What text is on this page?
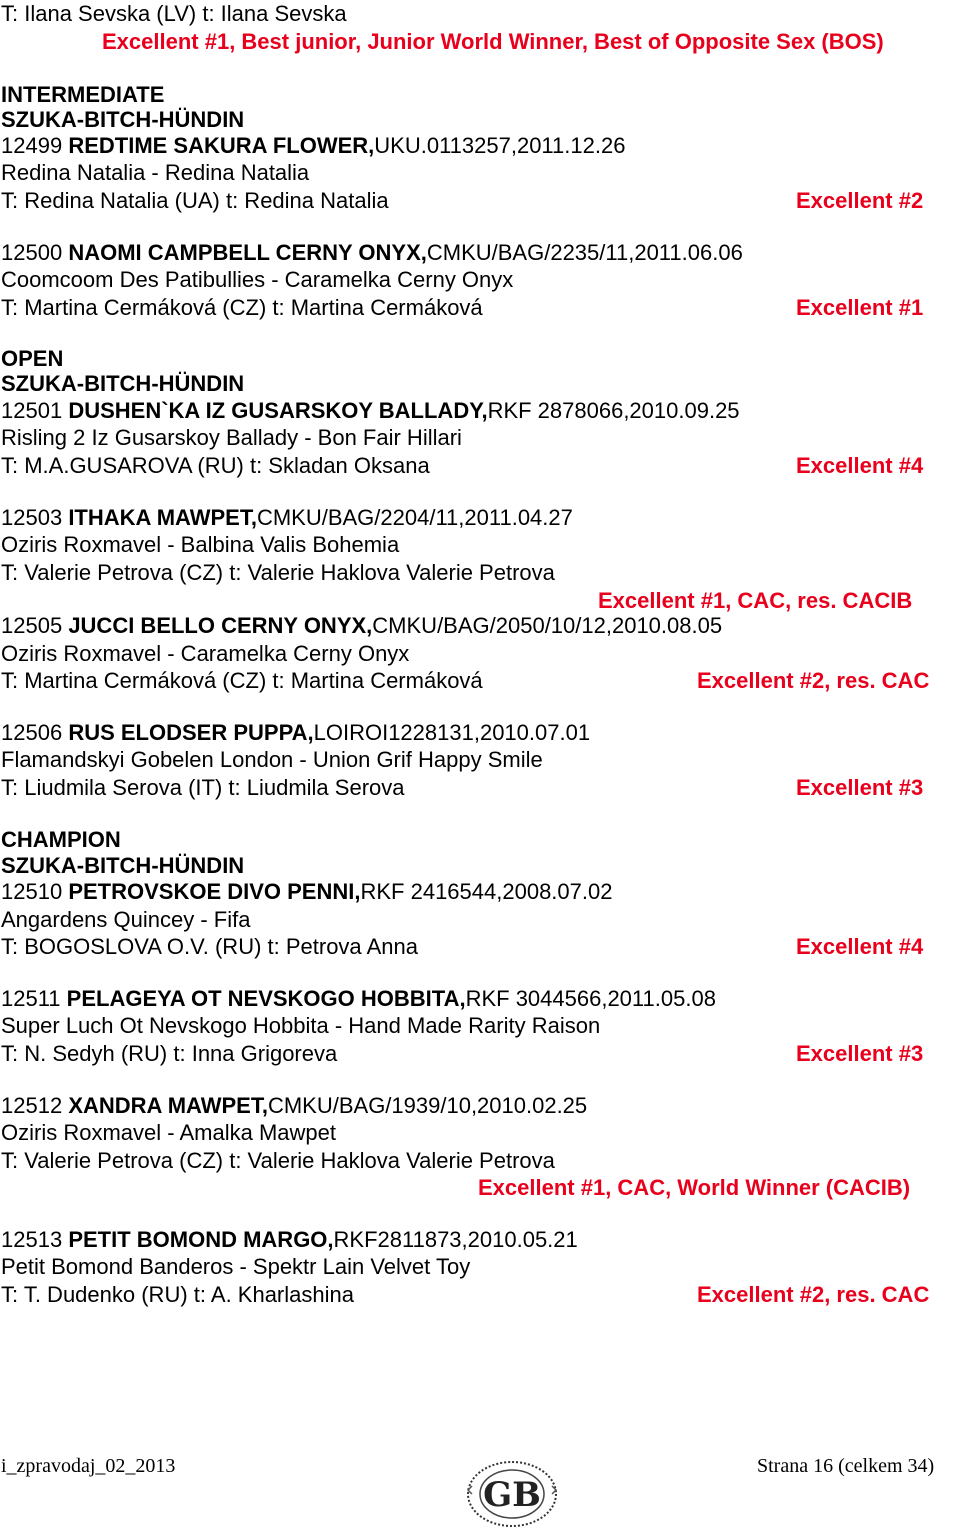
T: Ilana Sevska (LV) t: Ilana Sevska
Excellent #1, Best junior, Junior World Winner, Best of Opposite Sex (BOS)
INTERMEDIATE
SZUKA-BITCH-HÜNDIN
12499 REDTIME SAKURA FLOWER,UKU.0113257,2011.12.26
Redina Natalia - Redina Natalia
T: Redina Natalia (UA) t: Redina Natalia	Excellent #2
12500 NAOMI CAMPBELL CERNY ONYX,CMKU/BAG/2235/11,2011.06.06
Coomcoom Des Patibullies - Caramelka Cerny Onyx
T: Martina Cermáková (CZ) t: Martina Cermáková	Excellent #1
OPEN
SZUKA-BITCH-HÜNDIN
12501 DUSHEN`KA IZ GUSARSKOY BALLADY,RKF 2878066,2010.09.25
Risling 2 Iz Gusarskoy Ballady - Bon Fair Hillari
T: M.A.GUSAROVA (RU) t: Skladan Oksana	Excellent #4
12503 ITHAKA MAWPET,CMKU/BAG/2204/11,2011.04.27
Oziris Roxmavel - Balbina Valis Bohemia
T: Valerie Petrova (CZ) t: Valerie Haklova Valerie Petrova
Excellent #1, CAC, res. CACIB
12505 JUCCI BELLO CERNY ONYX,CMKU/BAG/2050/10/12,2010.08.05
Oziris Roxmavel - Caramelka Cerny Onyx
T: Martina Cermáková (CZ) t: Martina Cermáková	Excellent #2, res. CAC
12506 RUS ELODSER PUPPA,LOIROI1228131,2010.07.01
Flamandskyi Gobelen London - Union Grif Happy Smile
T: Liudmila Serova (IT) t: Liudmila Serova	Excellent #3
CHAMPION
SZUKA-BITCH-HÜNDIN
12510 PETROVSKOE DIVO PENNI,RKF 2416544,2008.07.02
Angardens Quincey - Fifa
T: BOGOSLOVA O.V. (RU) t: Petrova Anna	Excellent #4
12511 PELAGEYA OT NEVSKOGO HOBBITA,RKF 3044566,2011.05.08
Super Luch Ot Nevskogo Hobbita - Hand Made Rarity Raison
T: N. Sedyh (RU) t: Inna Grigoreva	Excellent #3
12512 XANDRA MAWPET,CMKU/BAG/1939/10,2010.02.25
Oziris Roxmavel - Amalka Mawpet
T: Valerie Petrova (CZ) t: Valerie Haklova Valerie Petrova
Excellent #1, CAC, World Winner (CACIB)
12513 PETIT BOMOND MARGO,RKF2811873,2010.05.21
Petit Bomond Banderos - Spektr Lain Velvet Toy
T: T. Dudenko (RU) t: A. Kharlashina	Excellent #2, res. CAC
i_zpravodaj_02_2013	Strana 16 (celkem 34)
GB
